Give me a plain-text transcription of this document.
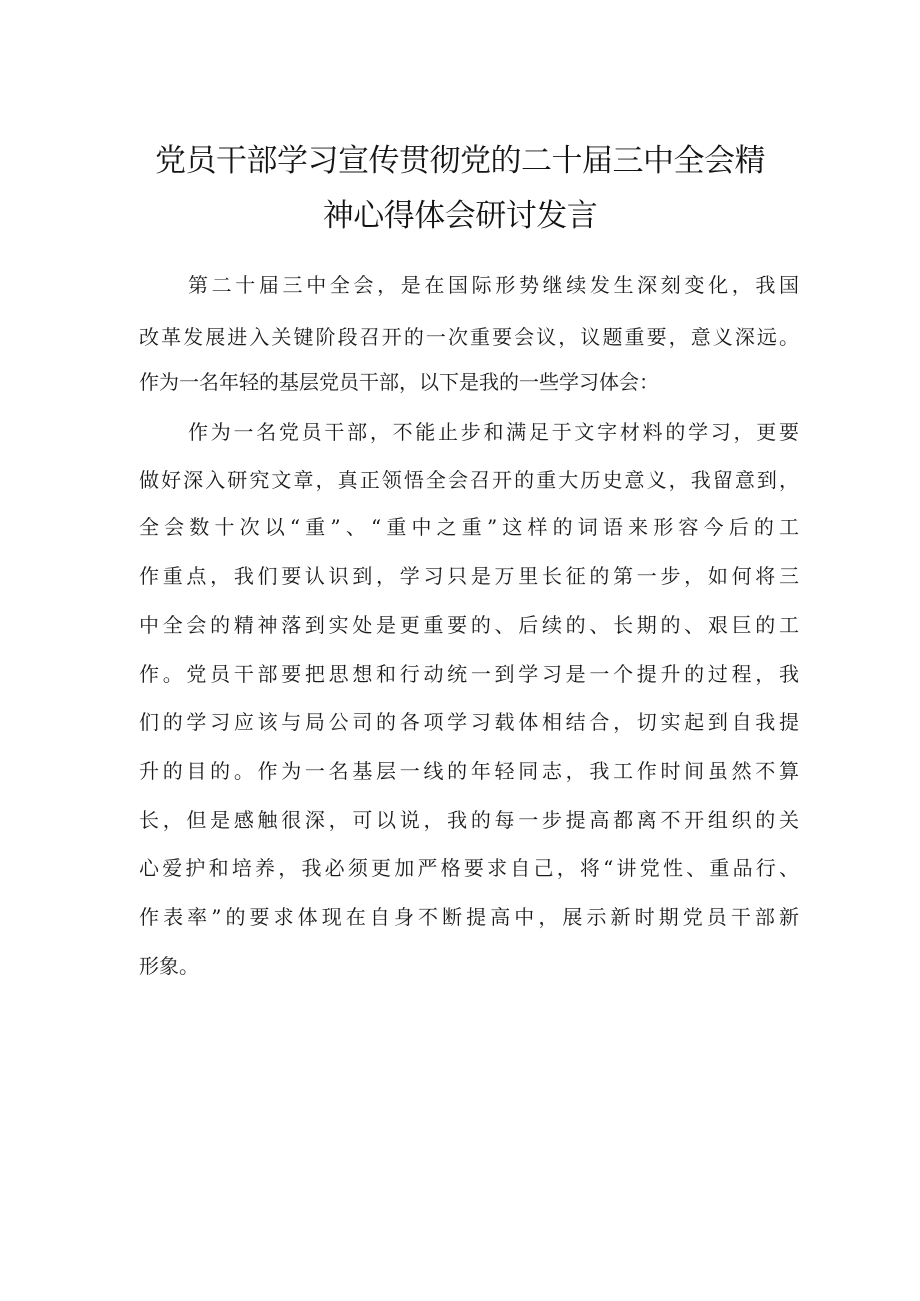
党员干部学习宣传贯彻党的二十届三中全会精
神心得体会研讨发言
第二十届三中全会，是在国际形势继续发生深刻变化，我国
改革发展进入关键阶段召开的一次重要会议，议题重要，意义深远。
作为一名年轻的基层党员干部，以下是我的一些学习体会：
作为一名党员干部，不能止步和满足于文字材料的学习，更要
做好深入研究文章，真正领悟全会召开的重大历史意义，我留意到，
全会数十次以“重”、“重中之重”这样的词语来形容今后的工
作重点，我们要认识到，学习只是万里长征的第一步，如何将三
中全会的精神落到实处是更重要的、后续的、长期的、艰巨的工
作。党员干部要把思想和行动统一到学习是一个提升的过程，我
们的学习应该与局公司的各项学习载体相结合，切实起到自我提
升的目的。作为一名基层一线的年轻同志，我工作时间虽然不算
长，但是感触很深，可以说，我的每一步提高都离不开组织的关
心爱护和培养，我必须更加严格要求自己，将“讲党性、重品行、
作表率”的要求体现在自身不断提高中，展示新时期党员干部新
形象。
